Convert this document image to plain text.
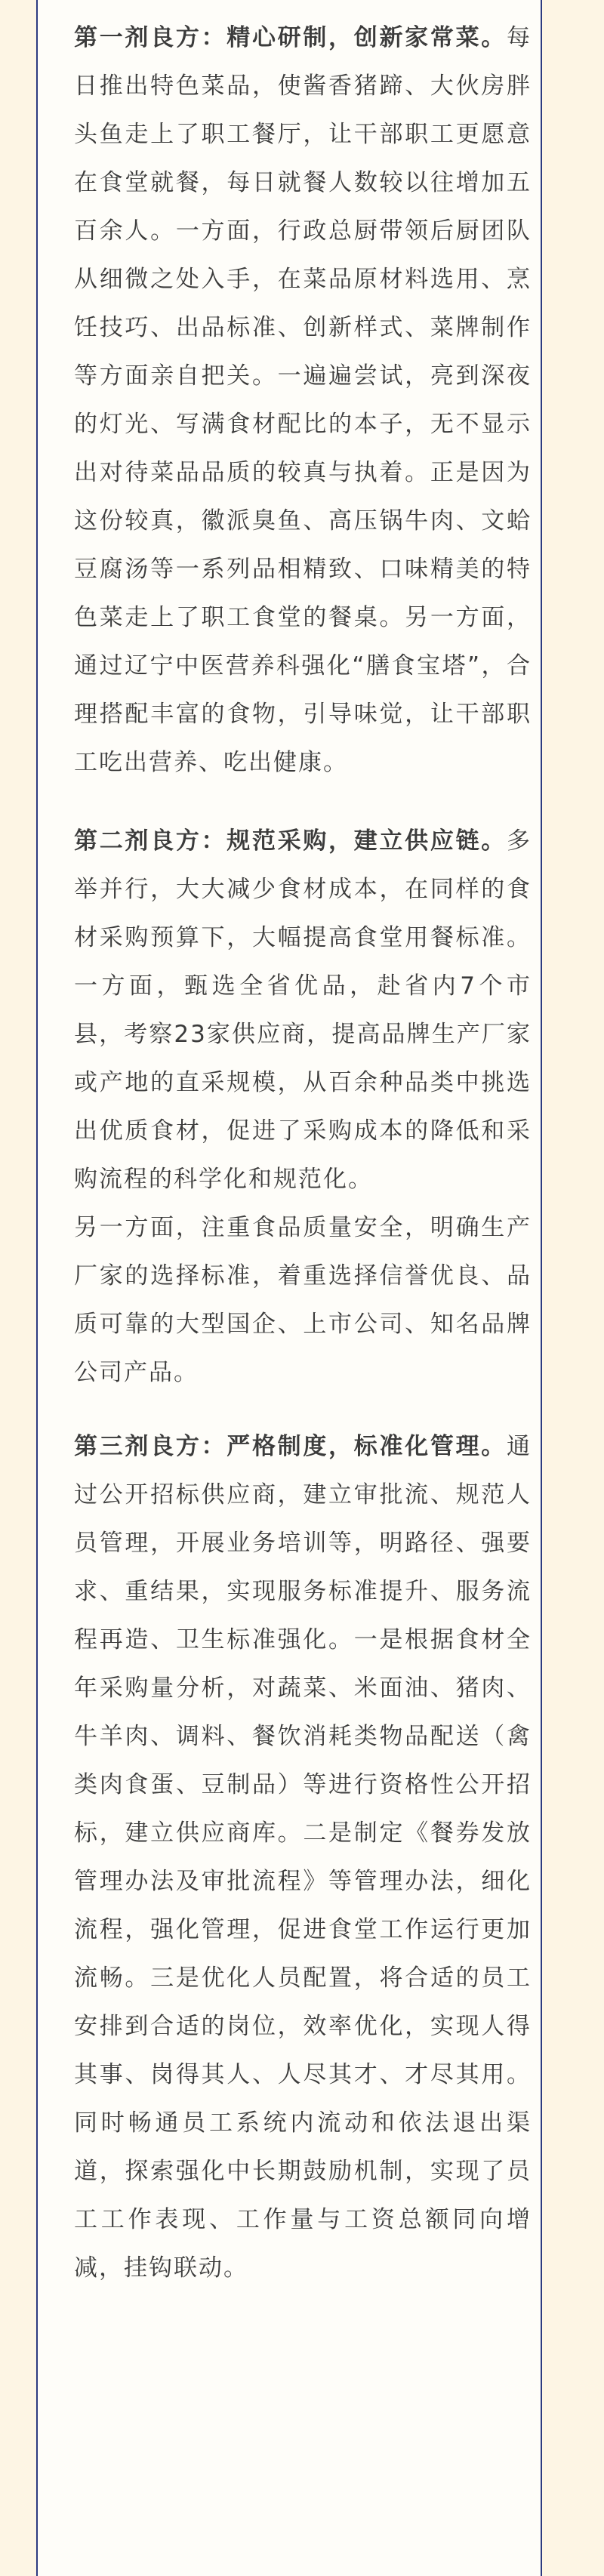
第一剂良方：精心研制，创新家常菜。每日推出特色菜品，使酱香猪蹄、大伙房胖头鱼走上了职工餐厅，让干部职工更愿意在食堂就餐，每日就餐人数较以往增加五百余人。一方面，行政总厨带领后厨团队从细微之处入手，在菜品原材料选用、烹饪技巧、出品标准、创新样式、菜牌制作等方面亲自把关。一遍遍尝试，亮到深夜的灯光、写满食材配比的本子，无不显示出对待菜品品质的较真与执着。正是因为这份较真，徽派臭鱼、高压锅牛肉、文蛤豆腐汤等一系列品相精致、口味精美的特色菜走上了职工食堂的餐桌。另一方面，通过辽宁中医营养科强化“膳食宝塔”，合理搭配丰富的食物，引导味觉，让干部职工吃出营养、吃出健康。

第二剂良方：规范采购，建立供应链。多举并行，大大减少食材成本，在同样的食材采购预算下，大幅提高食堂用餐标准。一方面，甄选全省优品，赴省内7个市县，考察23家供应商，提高品牌生产厂家或产地的直采规模，从百余种品类中挑选出优质食材，促进了采购成本的降低和采购流程的科学化和规范化。

另一方面，注重食品质量安全，明确生产厂家的选择标准，着重选择信誉优良、品质可靠的大型国企、上市公司、知名品牌公司产品。

第三剂良方：严格制度，标准化管理。通过公开招标供应商，建立审批流、规范人员管理，开展业务培训等，明路径、强要求、重结果，实现服务标准提升、服务流程再造、卫生标准强化。一是根据食材全年采购量分析，对蔬菜、米面油、猪肉、牛羊肉、调料、餐饮消耗类物品配送（禽类肉食蛋、豆制品）等进行资格性公开招标，建立供应商库。二是制定《餐券发放管理办法及审批流程》等管理办法，细化流程，强化管理，促进食堂工作运行更加流畅。三是优化人员配置，将合适的员工安排到合适的岗位，效率优化，实现人得其事、岗得其人、人尽其才、才尽其用。同时畅通员工系统内流动和依法退出渠道，探索强化中长期鼓励机制，实现了员工工作表现、工作量与工资总额同向增减，挂钩联动。
